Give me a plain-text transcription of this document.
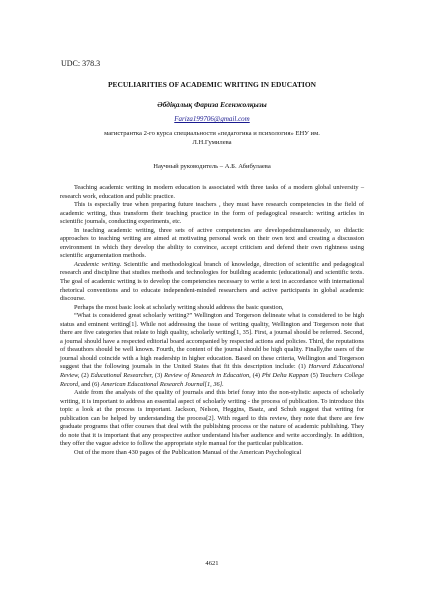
UDC: 378.3
PECULIARITIES OF ACADEMIC WRITING IN EDUCATION
Әбдіқалық Фариза Есенжолқызы
Fariza199706@gmail.com
магистрантка 2-го курса специальности «педагогика и психология» ЕНУ им.
Л.Н.Гумилева
Научный руководитель – А.Б. Абибулаева

Teaching academic writing in modern education is associated with three tasks of a modern global university – research work, education and public practice.

This is especially true when preparing future teachers , they must have research competencies in the field of academic writing, thus transform their teaching practice in the form of pedagogical research: writing articles in scientific journals, conducting experiments, etc.

In teaching academic writing, three sets of active competencies are developedsimultaneously, so didactic approaches to teaching writing are aimed at motivating personal work on their own text and creating a discussion environment in which they develop the ability to convince, accept criticism and defend their own rightness using scientific argumentation methods.

Academic writing. Scientific and methodological branch of knowledge, direction of scientific and pedagogical research and discipline that studies methods and technologies for building academic (educational) and scientific texts. The goal of academic writing is to develop the competencies necessary to write a text in accordance with international rhetorical conventions and to educate independent-minded researchers and active participants in global academic discourse.

Perhaps the most basic look at scholarly writing should address the basic question,

“What is considered great scholarly writing?” Wellington and Torgerson delineate what is considered to be high status and eminent writing[1]. While not addressing the issue of writing quality, Wellington and Torgerson note that there are five categories that relate to high quality, scholarly writing[1, 35]. First, a journal should be referred. Second, a journal should have a respected editorial board accompanied by respected actions and policies. Third, the reputations of theauthors should be well known. Fourth, the content of the journal should be high quality. Finally,the users of the journal should coincide with a high readership in higher education. Based on these criteria, Wellington and Torgerson suggest that the following journals in the United States that fit this description include: (1) Harvard Educational Review, (2) Educational Researcher, (3) Review of Research in Education, (4) Phi Delta Kappan (5) Teachers College Record, and (6) American Educational Research Journal[1, 36].

Aside from the analysis of the quality of journals and this brief foray into the non-stylistic aspects of scholarly writing, it is important to address an essential aspect of scholarly writing - the process of publication. To introduce this topic a look at the process is important. Jackson, Nelson, Heggins, Baatz, and Schuh suggest that writing for publication can be helped by understanding the process[2]. With regard to this review, they note that there are few graduate programs that offer courses that deal with the publishing process or the nature of academic publishing. They do note that it is important that any prospective author understand his/her audience and write accordingly. In addition, they offer the vague advice to follow the appropriate style manual for the particular publication.

Out of the more than 430 pages of the Publication Manual of the American Psychological

4621
